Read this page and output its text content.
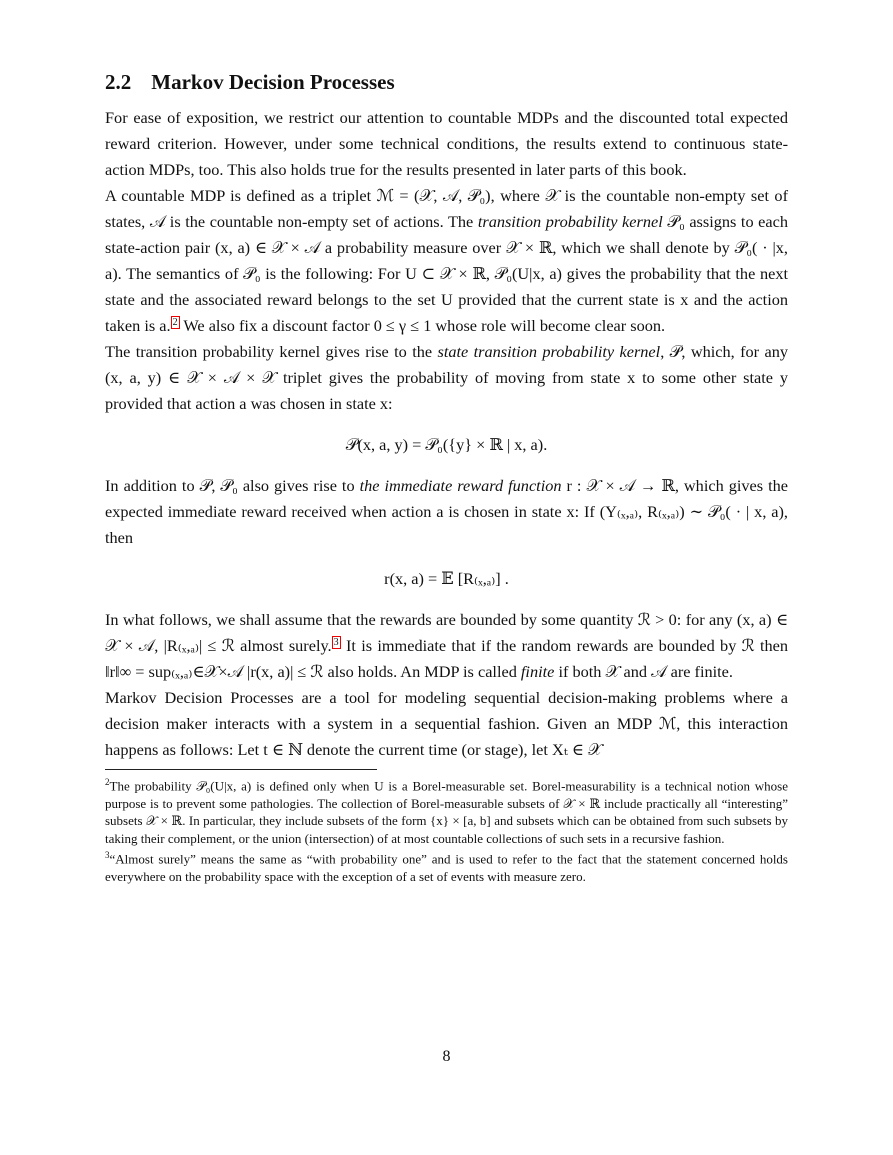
2.2 Markov Decision Processes

For ease of exposition, we restrict our attention to countable MDPs and the discounted total expected reward criterion. However, under some technical conditions, the results extend to continuous state-action MDPs, too. This also holds true for the results presented in later parts of this book.

A countable MDP is defined as a triplet ℳ = (𝒳, 𝒜, 𝒫₀), where 𝒳 is the countable non-empty set of states, 𝒜 is the countable non-empty set of actions. The transition probability kernel 𝒫₀ assigns to each state-action pair (x, a) ∈ 𝒳 × 𝒜 a probability measure over 𝒳 × ℝ, which we shall denote by 𝒫₀( · |x, a). The semantics of 𝒫₀ is the following: For U ⊂ 𝒳 × ℝ, 𝒫₀(U|x, a) gives the probability that the next state and the associated reward belongs to the set U provided that the current state is x and the action taken is a. $^2$ We also fix a discount factor 0 ≤ γ ≤ 1 whose role will become clear soon.

The transition probability kernel gives rise to the state transition probability kernel, 𝒫, which, for any (x, a, y) ∈ 𝒳 × 𝒜 × 𝒳 triplet gives the probability of moving from state x to some other state y provided that action a was chosen in state x:

𝒫(x, a, y) = 𝒫₀({y} × ℝ | x, a).

In addition to 𝒫, 𝒫₀ also gives rise to the immediate reward function r : 𝒳 × 𝒜 → ℝ, which gives the expected immediate reward received when action a is chosen in state x: If (Y₍ₓ,ₐ₎, R₍ₓ,ₐ₎) ∼ 𝒫₀( · | x, a), then

r(x, a) = 𝔼 [R₍ₓ,ₐ₎] .

In what follows, we shall assume that the rewards are bounded by some quantity ℛ > 0: for any (x, a) ∈ 𝒳 × 𝒜, |R₍ₓ,ₐ₎| ≤ ℛ almost surely. $^3$ It is immediate that if the random rewards are bounded by ℛ then ‖r‖∞ = sup₍ₓ,ₐ₎∈𝒳×𝒜 |r(x, a)| ≤ ℛ also holds. An MDP is called finite if both 𝒳 and 𝒜 are finite.

Markov Decision Processes are a tool for modeling sequential decision-making problems where a decision maker interacts with a system in a sequential fashion. Given an MDP ℳ, this interaction happens as follows: Let t ∈ ℕ denote the current time (or stage), let Xₜ ∈ 𝒳

$^2$The probability 𝒫₀(U|x, a) is defined only when U is a Borel-measurable set. Borel-measurability is a technical notion whose purpose is to prevent some pathologies. The collection of Borel-measurable subsets of 𝒳 × ℝ include practically all “interesting” subsets 𝒳 × ℝ. In particular, they include subsets of the form {x} × [a, b] and subsets which can be obtained from such subsets by taking their complement, or the union (intersection) of at most countable collections of such sets in a recursive fashion.

$^3$“Almost surely” means the same as “with probability one” and is used to refer to the fact that the statement concerned holds everywhere on the probability space with the exception of a set of events with measure zero.

8
